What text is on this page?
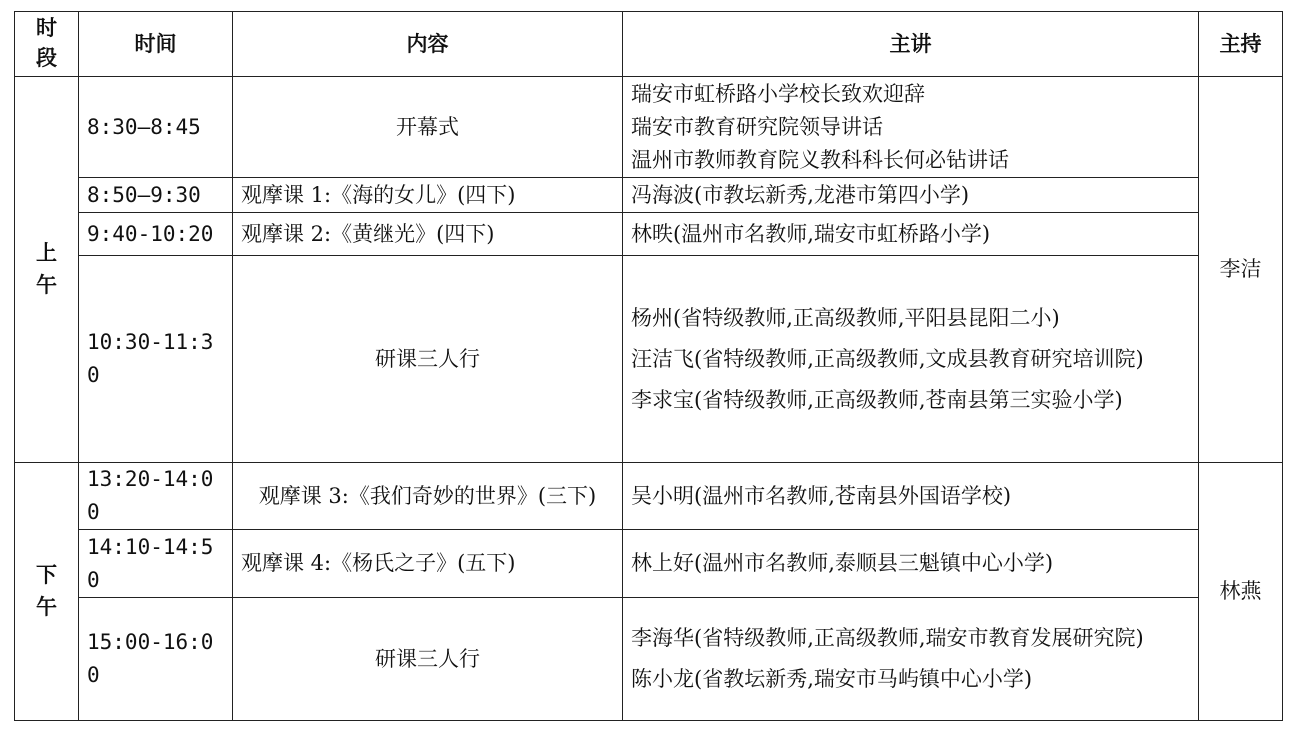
时段	时间	内容	主讲	主持
上午	8:30—8:45	开幕式	瑞安市虹桥路小学校长致欢迎辞
瑞安市教育研究院领导讲话
温州市教师教育院义教科科长何必钻讲话	李洁
	8:50—9:30	观摩课 1:《海的女儿》(四下)	冯海波(市教坛新秀,龙港市第四小学)	

	9:40-10:20	观摩课 2:《黄继光》(四下)	林昳(温州市名教师,瑞安市虹桥路小学)	

	10:30-11:30	研课三人行	杨州(省特级教师,正高级教师,平阳县昆阳二小)
汪洁飞(省特级教师,正高级教师,文成县教育研究培训院)
李求宝(省特级教师,正高级教师,苍南县第三实验小学)	

下午	13:20-14:00	观摩课 3:《我们奇妙的世界》(三下)	吴小明(温州市名教师,苍南县外国语学校)	林燕
	14:10-14:50	观摩课 4:《杨氏之子》(五下)	林上好(温州市名教师,泰顺县三魁镇中心小学)	

	15:00-16:00	研课三人行	李海华(省特级教师,正高级教师,瑞安市教育发展研究院)
陈小龙(省教坛新秀,瑞安市马屿镇中心小学)	
